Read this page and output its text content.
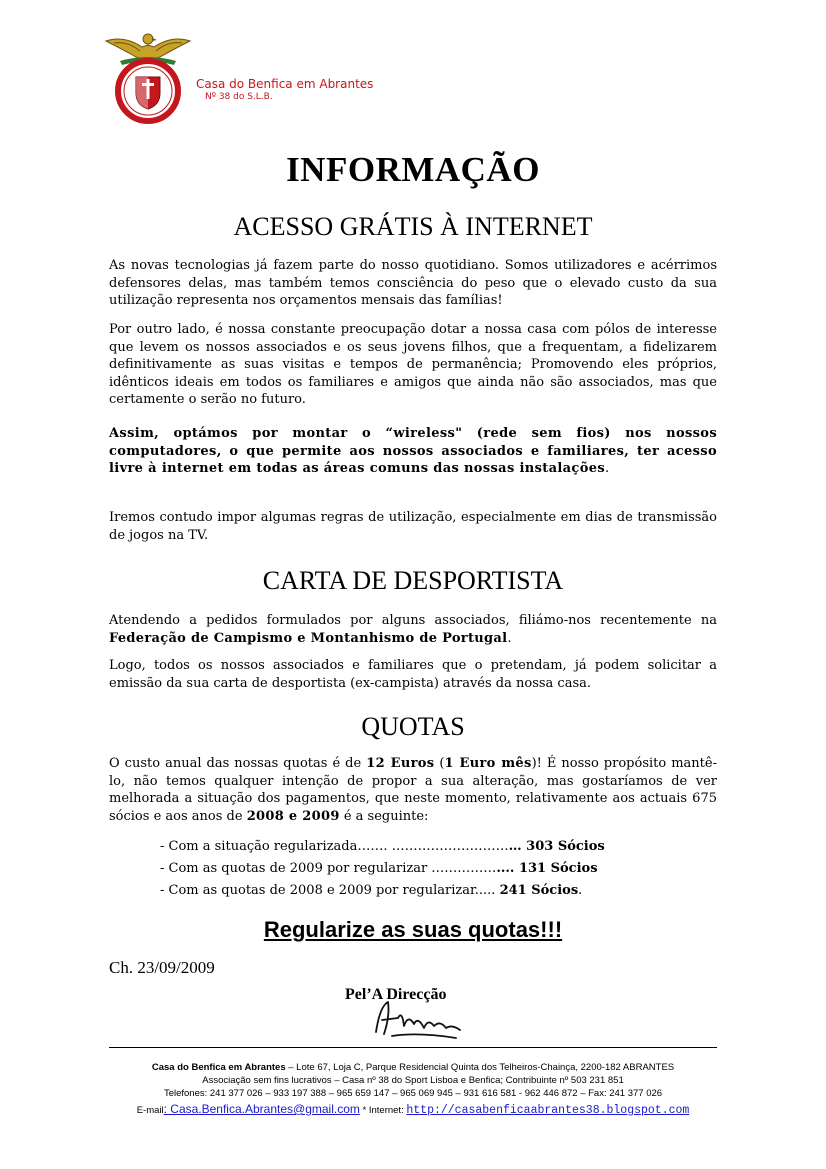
Casa do Benfica em Abrantes
Nº 38 do S.L.B.
INFORMAÇÃO
ACESSO GRÁTIS À INTERNET
As novas tecnologias já fazem parte do nosso quotidiano. Somos utilizadores e acérrimos defensores delas, mas também temos consciência do peso que o elevado custo da sua utilização representa nos orçamentos mensais das famílias!
Por outro lado, é nossa constante preocupação dotar a nossa casa com pólos de interesse que levem os nossos associados e os seus jovens filhos, que a frequentam, a fidelizarem definitivamente as suas visitas e tempos de permanência; Promovendo eles próprios, idênticos ideais em todos os familiares e amigos que ainda não são associados, mas que certamente o serão no futuro.
Assim, optámos por montar o “wireless" (rede sem fios) nos nossos computadores, o que permite aos nossos associados e familiares, ter acesso livre à internet em todas as áreas comuns das nossas instalações.
Iremos contudo impor algumas regras de utilização, especialmente em dias de transmissão de jogos na TV.
CARTA DE DESPORTISTA
Atendendo a pedidos formulados por alguns associados, filiámo-nos recentemente na Federação de Campismo e Montanhismo de Portugal.
Logo, todos os nossos associados e familiares que o pretendam, já podem solicitar a emissão da sua carta de desportista (ex-campista) através da nossa casa.
QUOTAS
O custo anual das nossas quotas é de 12 Euros (1 Euro mês)! É nosso propósito mantê-lo, não temos qualquer intenção de propor a sua alteração, mas gostaríamos de ver melhorada a situação dos pagamentos, que neste momento, relativamente aos actuais 675 sócios e aos anos de 2008 e 2009 é a seguinte:
- Com a situação regularizada……. ………………………… 303 Sócios
- Com as quotas de 2009 por regularizar …………….... 131 Sócios
- Com as quotas de 2008 e 2009 por regularizar..... 241 Sócios.
Regularize as suas quotas!!!
Ch. 23/09/2009
Pel’A Direcção
Casa do Benfica em Abrantes – Lote 67, Loja C, Parque Residencial Quinta dos Telheiros-Chainça, 2200-182 ABRANTES
Associação sem fins lucrativos – Casa nº 38 do Sport Lisboa e Benfica; Contribuinte nº 503 231 851
Telefones: 241 377 026 – 933 197 388 – 965 659 147 – 965 069 945 – 931 616 581 - 962 446 872 – Fax: 241 377 026
E-mail: Casa.Benfica.Abrantes@gmail.com * Internet: http://casabenficaabrantes38.blogspot.com
